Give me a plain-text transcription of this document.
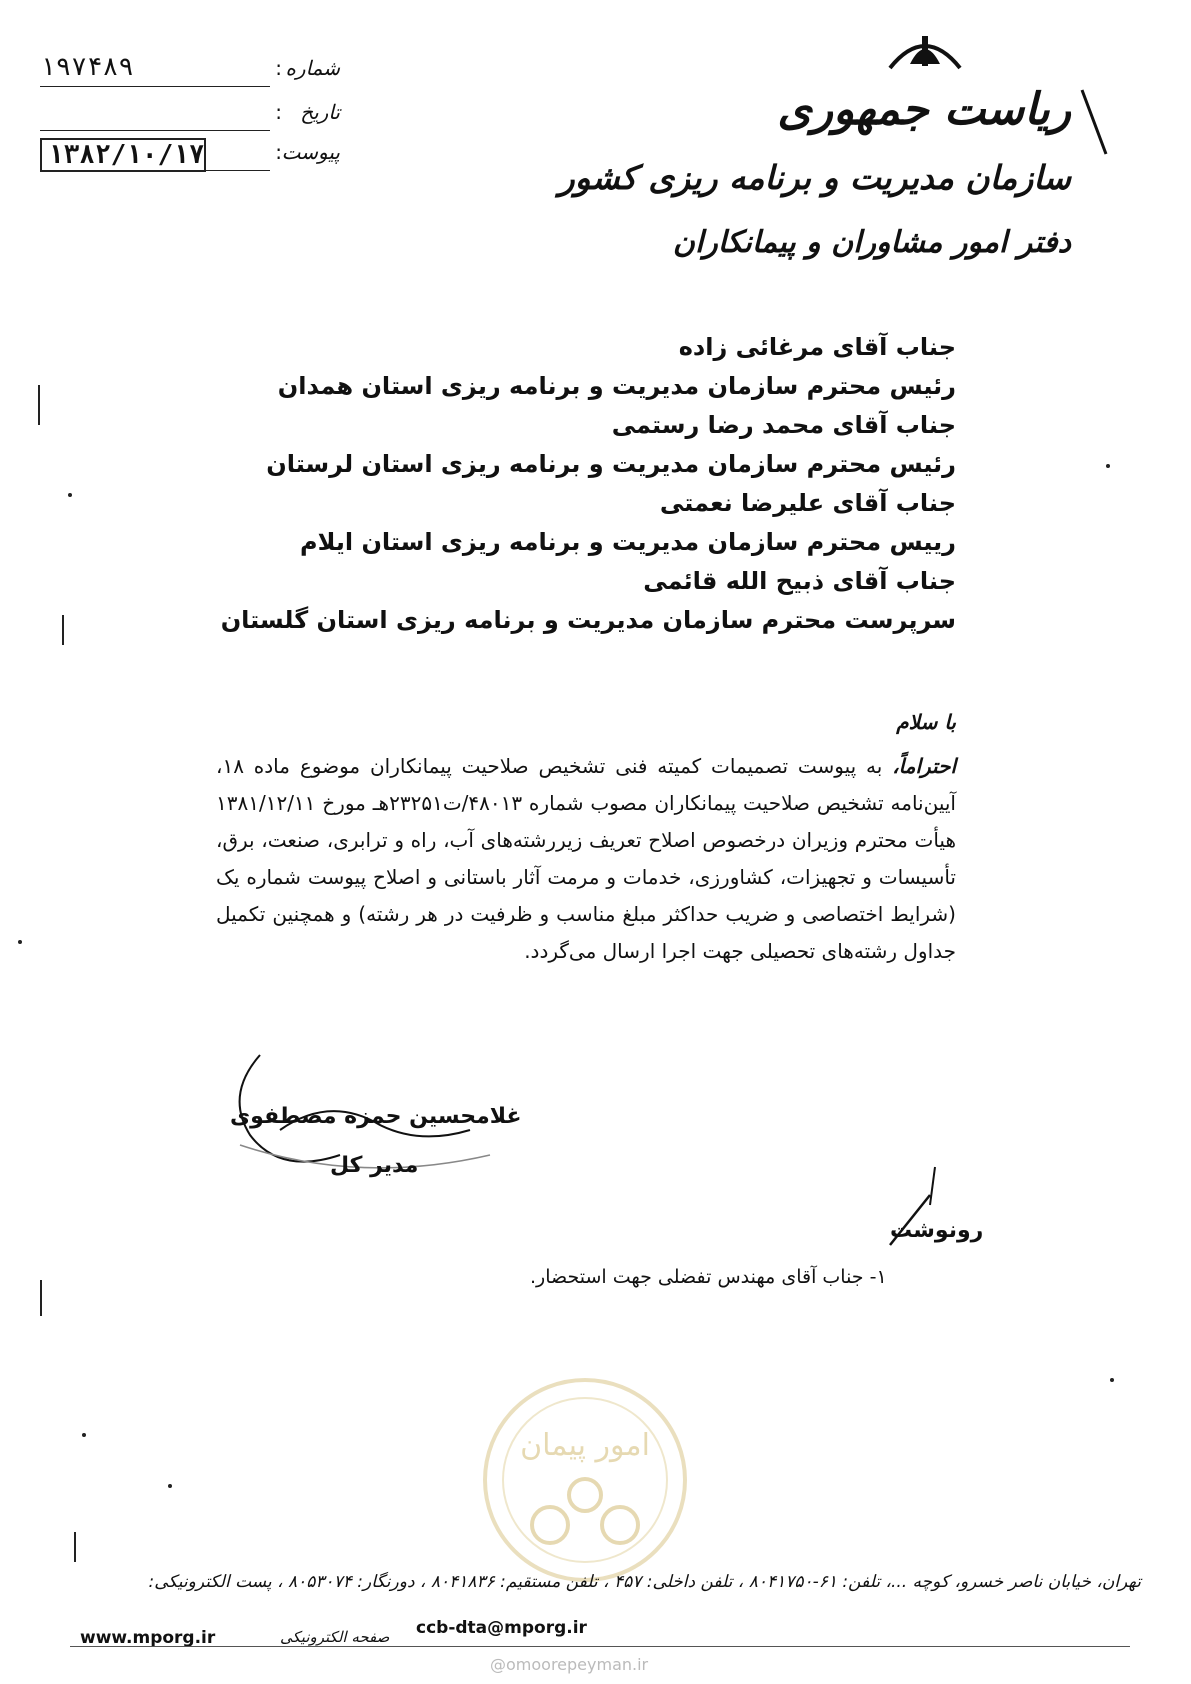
ریاست جمهوری
سازمان مدیریت و برنامه ریزی کشور
دفتر امور مشاوران و پیمانکاران
شماره
:
۱۹۷۴۸۹
تاریخ
:
۱۳۸۲/۱۰/۱۷	پیوست
:
جناب آقای مرغائی زاده
رئیس محترم سازمان مدیریت و برنامه ریزی استان همدان
جناب آقای محمد رضا رستمی
رئیس محترم سازمان مدیریت و برنامه ریزی استان لرستان
جناب آقای علیرضا نعمتی
رییس محترم سازمان مدیریت و برنامه ریزی استان ایلام
جناب آقای ذبیح الله قائمی
سرپرست محترم سازمان مدیریت و برنامه ریزی استان گلستان
با سلام
احتراماً، به پیوست تصمیمات کمیته فنی تشخیص صلاحیت پیمانکاران موضوع ماده ۱۸، آیین‌نامه تشخیص صلاحیت پیمانکاران مصوب شماره ۴۸۰۱۳/ت۲۳۲۵۱هـ مورخ ۱۳۸۱/۱۲/۱۱ هیأت محترم وزیران درخصوص اصلاح تعریف زیررشته‌های آب، راه و ترابری، صنعت، برق، تأسیسات و تجهیزات، کشاورزی، خدمات و مرمت آثار باستانی و اصلاح پیوست شماره یک (شرایط اختصاصی و ضریب حداکثر مبلغ مناسب و ظرفیت در هر رشته) و همچنین تکمیل جداول رشته‌های تحصیلی جهت اجرا ارسال می‌گردد.
غلامحسین حمزه مصطفوی
مدیر کل
رونوشت
۱- جناب آقای مهندس تفضلی جهت استحضار.
امور پیمان
@omoorepeyman.ir
تهران، خیابان ناصر خسرو، کوچه ...، تلفن: ۶۱-۸۰۴۱۷۵۰ ، تلفن داخلی: ۴۵۷ ، تلفن مستقیم: ۸۰۴۱۸۳۶ ، دورنگار: ۸۰۵۳۰۷۴ ، پست الکترونیکی:
ccb-dta@mporg.ir
صفحه الکترونیکی
www.mporg.ir
